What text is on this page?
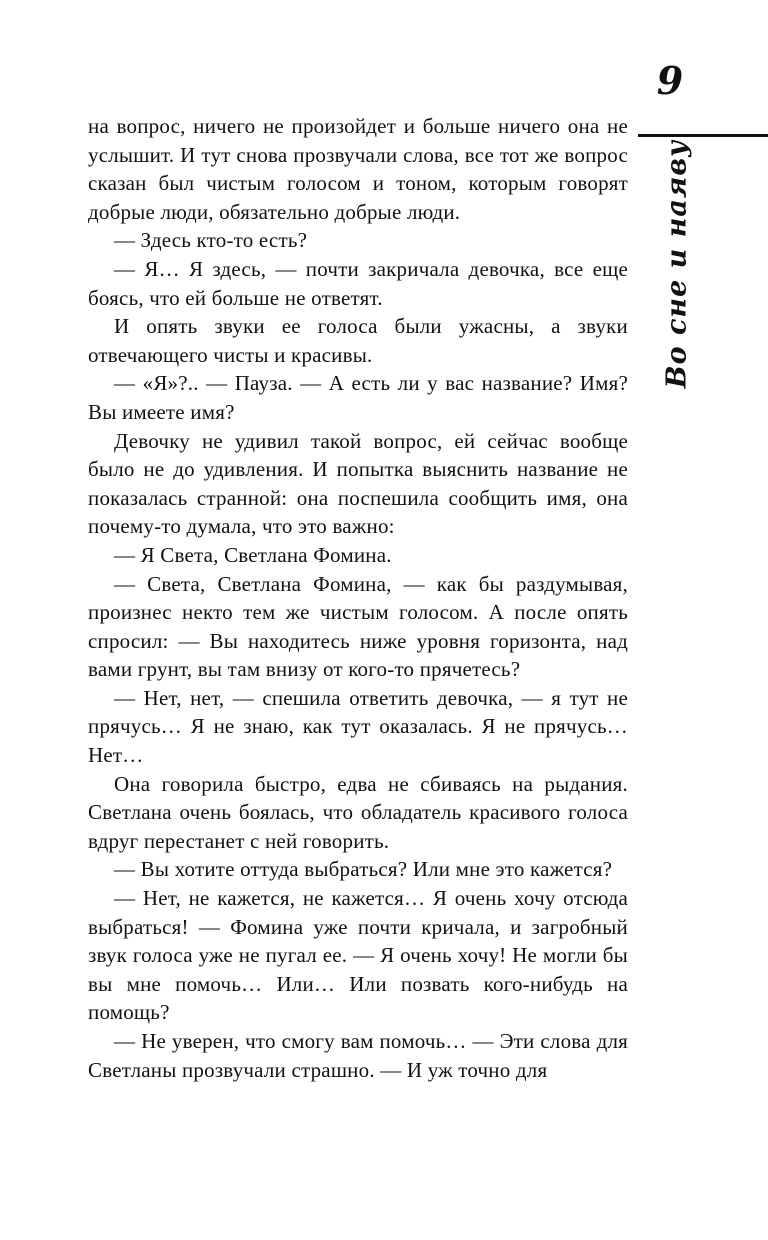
9
Во сне и наяву

на вопрос, ничего не произойдет и больше ничего она не услышит. И тут снова прозвучали слова, все тот же вопрос сказан был чистым голосом и тоном, которым говорят добрые люди, обязательно добрые люди.

— Здесь кто-то есть?

— Я… Я здесь, — почти закричала девочка, все еще боясь, что ей больше не ответят.

И опять звуки ее голоса были ужасны, а звуки отвечающего чисты и красивы.

— «Я»?.. — Пауза. — А есть ли у вас название? Имя? Вы имеете имя?

Девочку не удивил такой вопрос, ей сейчас вообще было не до удивления. И попытка выяснить название не показалась странной: она поспешила сообщить имя, она почему-то думала, что это важно:

— Я Света, Светлана Фомина.

— Света, Светлана Фомина, — как бы раздумывая, произнес некто тем же чистым голосом. А после опять спросил: — Вы находитесь ниже уровня горизонта, над вами грунт, вы там внизу от кого-то прячетесь?

— Нет, нет, — спешила ответить девочка, — я тут не прячусь… Я не знаю, как тут оказалась. Я не прячусь… Нет…

Она говорила быстро, едва не сбиваясь на рыдания. Светлана очень боялась, что обладатель красивого голоса вдруг перестанет с ней говорить.

— Вы хотите оттуда выбраться? Или мне это кажется?

— Нет, не кажется, не кажется… Я очень хочу отсюда выбраться! — Фомина уже почти кричала, и загробный звук голоса уже не пугал ее. — Я очень хочу! Не могли бы вы мне помочь… Или… Или позвать кого-нибудь на помощь?

— Не уверен, что смогу вам помочь… — Эти слова для Светланы прозвучали страшно. — И уж точно для
